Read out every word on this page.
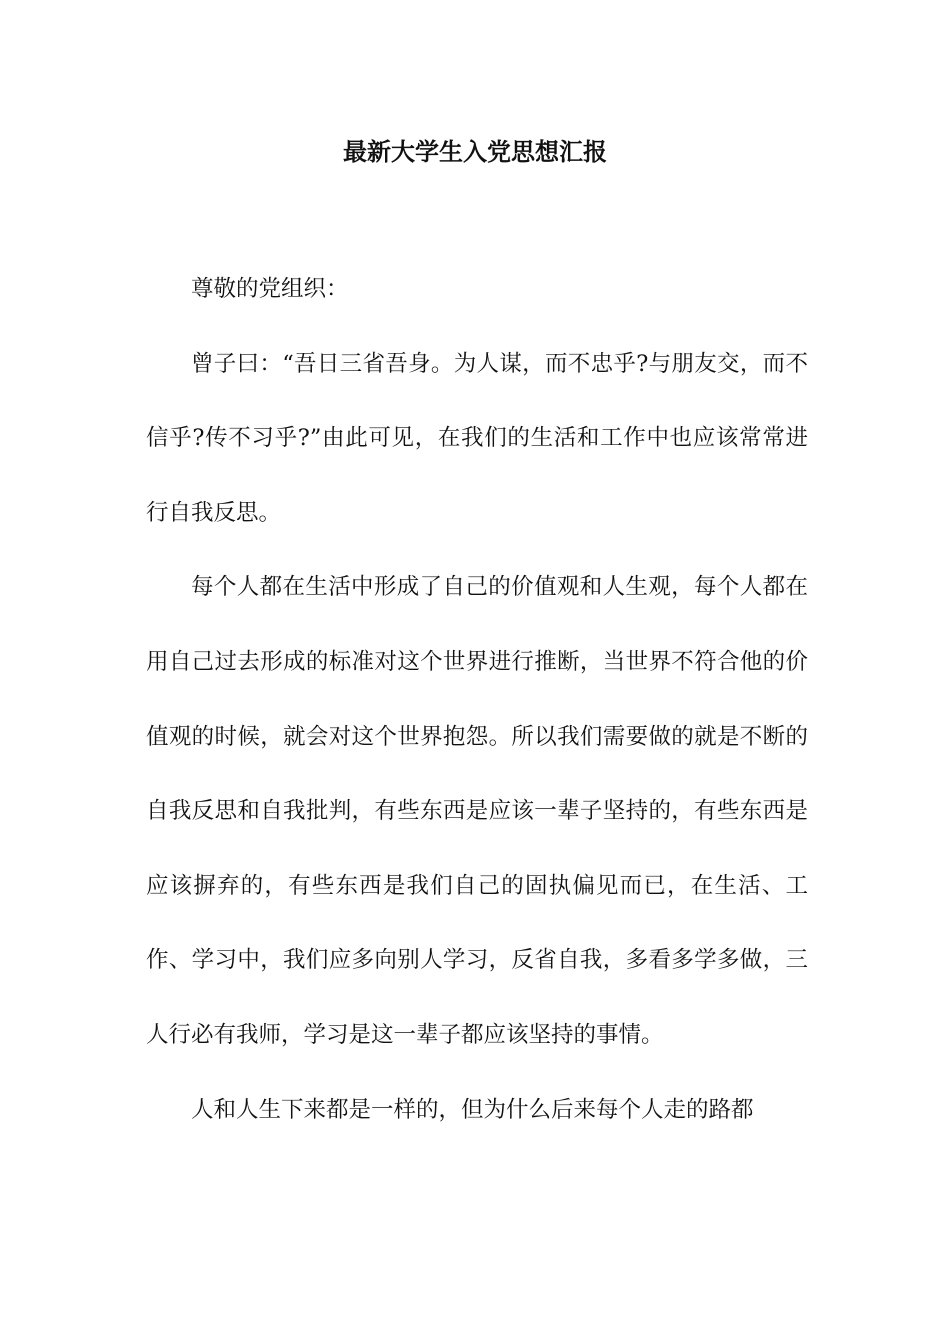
最新大学生入党思想汇报

尊敬的党组织：

曾子曰：“吾日三省吾身。为人谋，而不忠乎?与朋友交，而不信乎?传不习乎?”由此可见，在我们的生活和工作中也应该常常进行自我反思。

每个人都在生活中形成了自己的价值观和人生观，每个人都在用自己过去形成的标准对这个世界进行推断，当世界不符合他的价值观的时候，就会对这个世界抱怨。所以我们需要做的就是不断的自我反思和自我批判，有些东西是应该一辈子坚持的，有些东西是应该摒弃的，有些东西是我们自己的固执偏见而已，在生活、工作、学习中，我们应多向别人学习，反省自我，多看多学多做，三人行必有我师，学习是这一辈子都应该坚持的事情。

人和人生下来都是一样的，但为什么后来每个人走的路都
